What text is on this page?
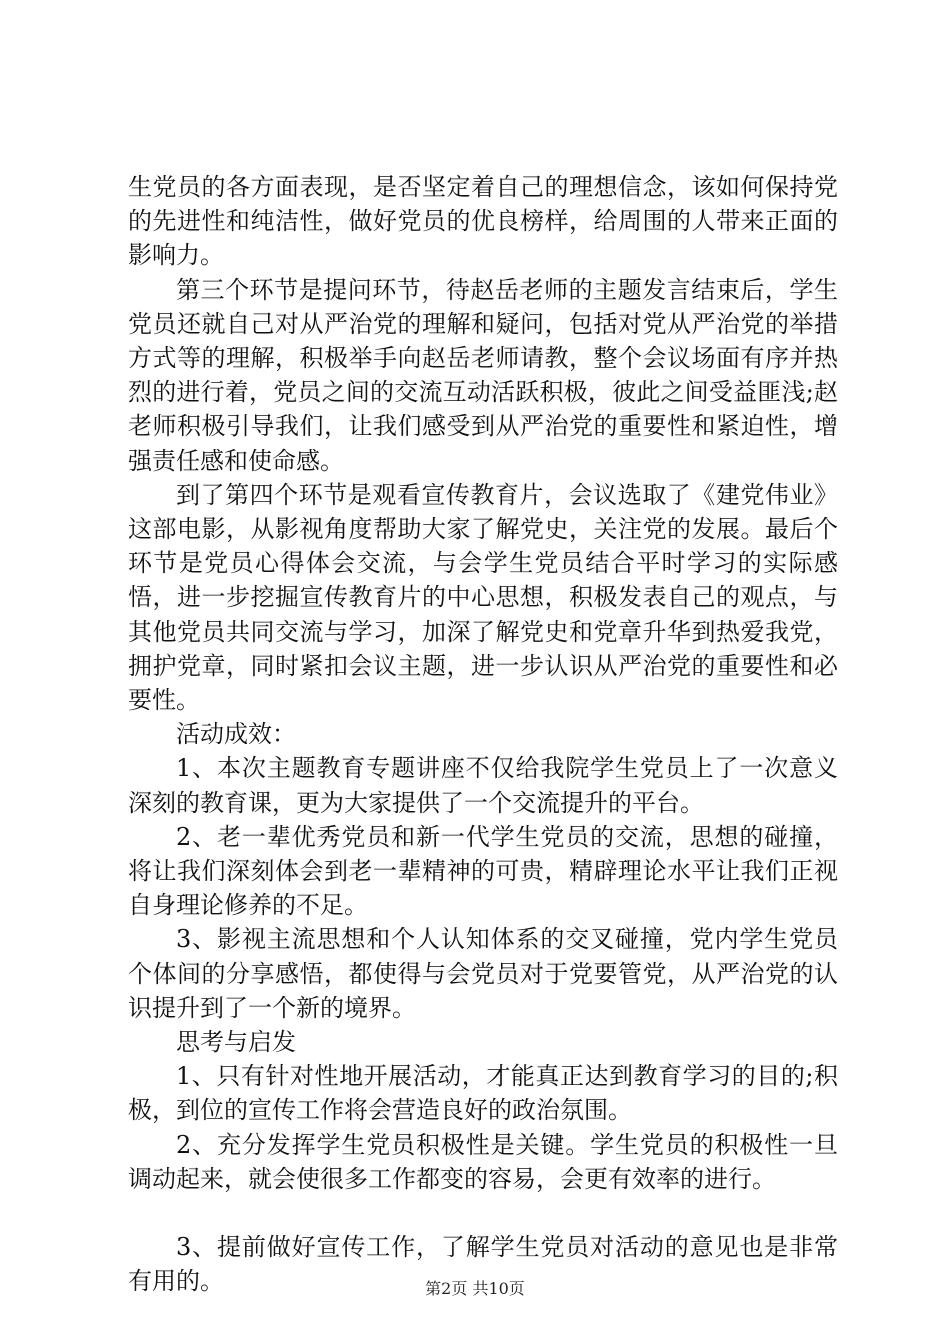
生党员的各方面表现，是否坚定着自己的理想信念，该如何保持党的先进性和纯洁性，做好党员的优良榜样，给周围的人带来正面的影响力。

第三个环节是提问环节，待赵岳老师的主题发言结束后，学生党员还就自己对从严治党的理解和疑问，包括对党从严治党的举措方式等的理解，积极举手向赵岳老师请教，整个会议场面有序并热烈的进行着，党员之间的交流互动活跃积极，彼此之间受益匪浅;赵老师积极引导我们，让我们感受到从严治党的重要性和紧迫性，增强责任感和使命感。

到了第四个环节是观看宣传教育片，会议选取了《建党伟业》这部电影，从影视角度帮助大家了解党史，关注党的发展。最后个环节是党员心得体会交流，与会学生党员结合平时学习的实际感悟，进一步挖掘宣传教育片的中心思想，积极发表自己的观点，与其他党员共同交流与学习，加深了解党史和党章升华到热爱我党，拥护党章，同时紧扣会议主题，进一步认识从严治党的重要性和必要性。

活动成效：

1、本次主题教育专题讲座不仅给我院学生党员上了一次意义深刻的教育课，更为大家提供了一个交流提升的平台。

2、老一辈优秀党员和新一代学生党员的交流，思想的碰撞，将让我们深刻体会到老一辈精神的可贵，精辟理论水平让我们正视自身理论修养的不足。

3、影视主流思想和个人认知体系的交叉碰撞，党内学生党员个体间的分享感悟，都使得与会党员对于党要管党，从严治党的认识提升到了一个新的境界。

思考与启发

1、只有针对性地开展活动，才能真正达到教育学习的目的;积极，到位的宣传工作将会营造良好的政治氛围。

2、充分发挥学生党员积极性是关键。学生党员的积极性一旦调动起来，就会使很多工作都变的容易，会更有效率的进行。

3、提前做好宣传工作，了解学生党员对活动的意见也是非常有用的。	第2页 共10页
